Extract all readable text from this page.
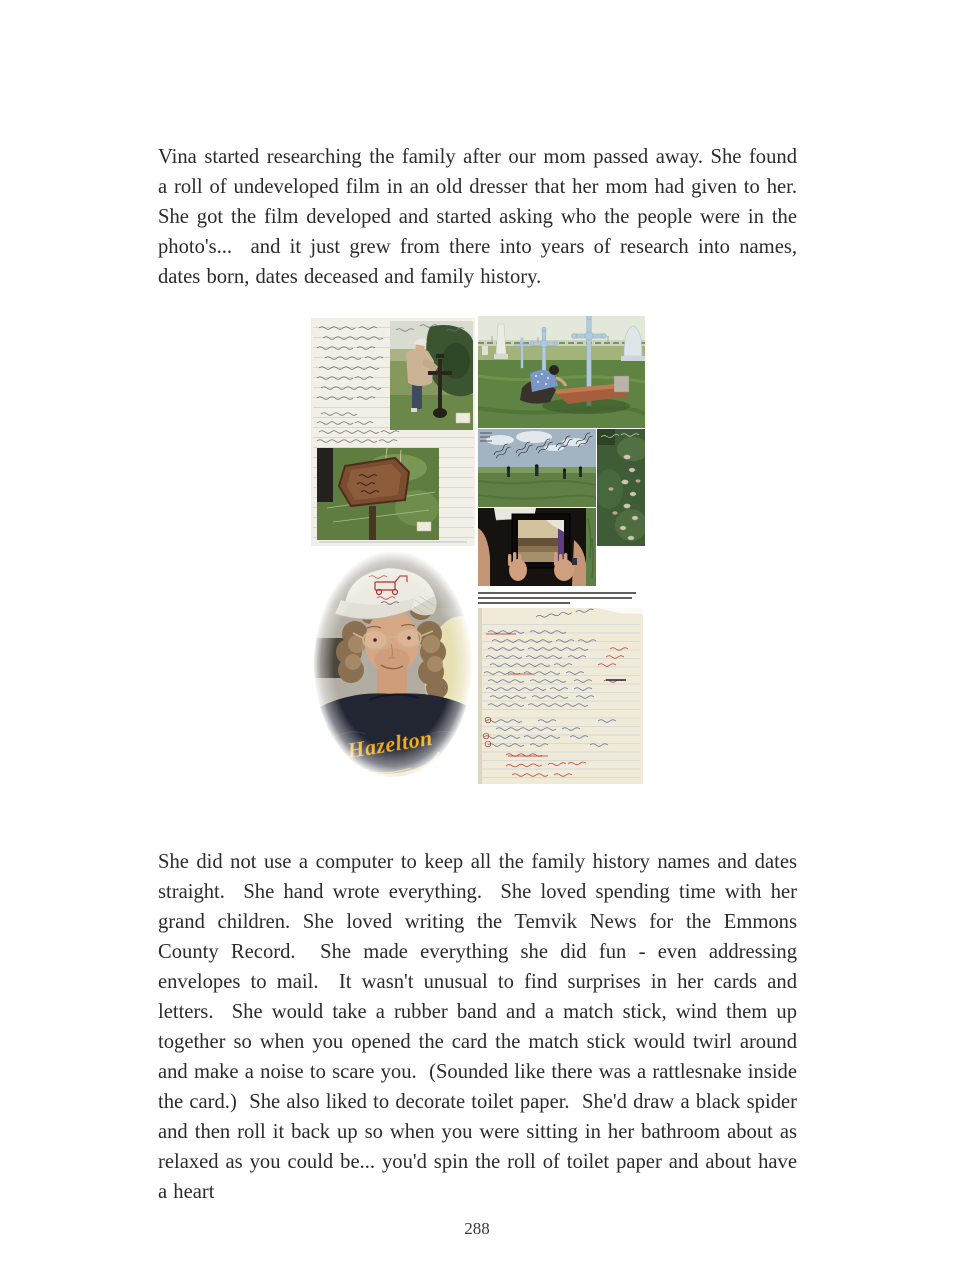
Vina started researching the family after our mom passed away. She found a roll of undeveloped film in an old dresser that her mom had given to her. She got the film developed and started asking who the people were in the photo's...  and it just grew from there into years of research into names, dates born, dates deceased and family history.

She did not use a computer to keep all the family history names and dates straight.  She hand wrote everything.  She loved spending time with her grand children. She loved writing the Temvik News for the Emmons County Record.  She made everything she did fun - even addressing envelopes to mail.  It wasn't unusual to find surprises in her cards and letters.  She would take a rubber band and a match stick, wind them up together so when you opened the card the match stick would twirl around and make a noise to scare you.  (Sounded like there was a rattlesnake inside the card.)  She also liked to decorate toilet paper.  She'd draw a black spider and then roll it back up so when you were sitting in her bathroom about as relaxed as you could be... you'd spin the roll of toilet paper and about have a heart

288
